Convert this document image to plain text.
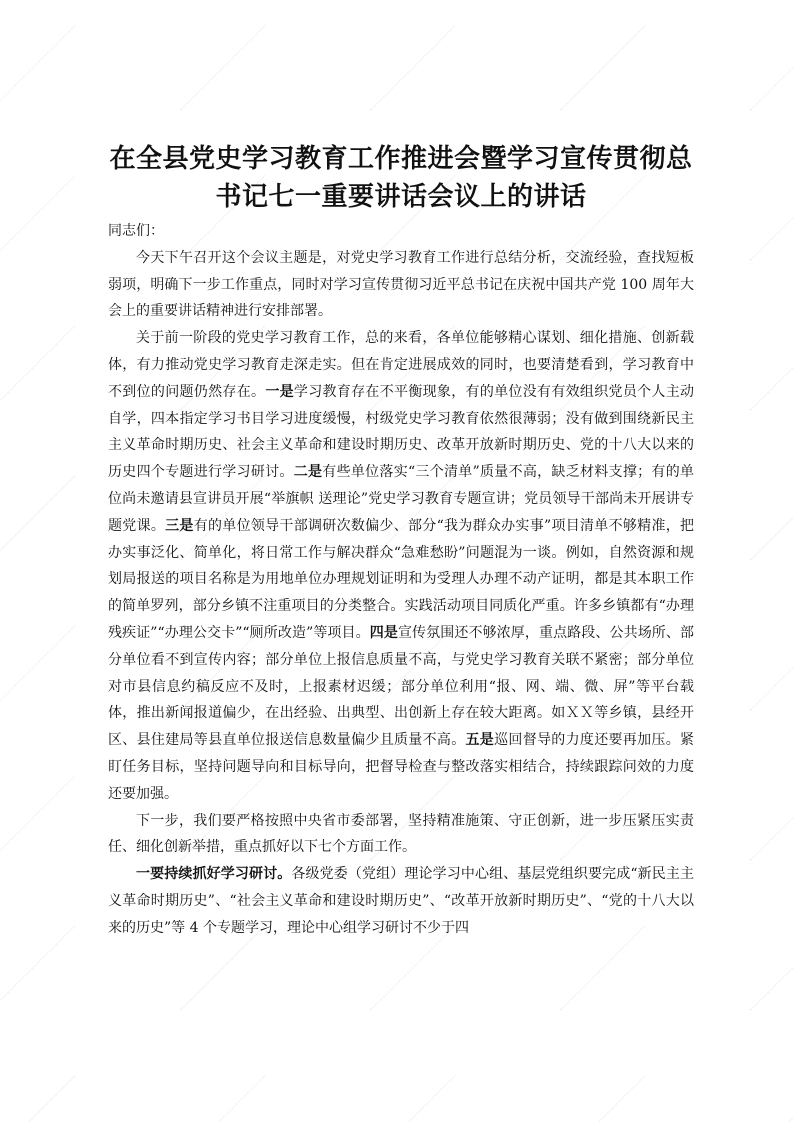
在全县党史学习教育工作推进会暨学习宣传贯彻总书记七一重要讲话会议上的讲话

同志们：

今天下午召开这个会议主题是，对党史学习教育工作进行总结分析，交流经验，查找短板弱项，明确下一步工作重点，同时对学习宣传贯彻习近平总书记在庆祝中国共产党 100 周年大会上的重要讲话精神进行安排部署。

关于前一阶段的党史学习教育工作，总的来看，各单位能够精心谋划、细化措施、创新载体，有力推动党史学习教育走深走实。但在肯定进展成效的同时，也要清楚看到，学习教育中不到位的问题仍然存在。一是学习教育存在不平衡现象，有的单位没有有效组织党员个人主动自学，四本指定学习书目学习进度缓慢，村级党史学习教育依然很薄弱；没有做到围绕新民主主义革命时期历史、社会主义革命和建设时期历史、改革开放新时期历史、党的十八大以来的历史四个专题进行学习研讨。二是有些单位落实“三个清单”质量不高，缺乏材料支撑；有的单位尚未邀请县宣讲员开展“举旗帜 送理论”党史学习教育专题宣讲；党员领导干部尚未开展讲专题党课。三是有的单位领导干部调研次数偏少、部分“我为群众办实事”项目清单不够精准，把办实事泛化、简单化，将日常工作与解决群众“急难愁盼”问题混为一谈。例如，自然资源和规划局报送的项目名称是为用地单位办理规划证明和为受理人办理不动产证明，都是其本职工作的简单罗列，部分乡镇不注重项目的分类整合。实践活动项目同质化严重。许多乡镇都有“办理残疾证”“办理公交卡”“厕所改造”等项目。四是宣传氛围还不够浓厚，重点路段、公共场所、部分单位看不到宣传内容；部分单位上报信息质量不高，与党史学习教育关联不紧密；部分单位对市县信息约稿反应不及时，上报素材迟缓；部分单位利用“报、网、端、微、屏”等平台载体，推出新闻报道偏少，在出经验、出典型、出创新上存在较大距离。如ＸＸ等乡镇，县经开区、县住建局等县直单位报送信息数量偏少且质量不高。五是巡回督导的力度还要再加压。紧盯任务目标，坚持问题导向和目标导向，把督导检查与整改落实相结合，持续跟踪问效的力度还要加强。

下一步，我们要严格按照中央省市委部署，坚持精准施策、守正创新，进一步压紧压实责任、细化创新举措，重点抓好以下七个方面工作。

一要持续抓好学习研讨。各级党委（党组）理论学习中心组、基层党组织要完成“新民主主义革命时期历史”、“社会主义革命和建设时期历史”、“改革开放新时期历史”、“党的十八大以来的历史”等 4 个专题学习，理论中心组学习研讨不少于四
